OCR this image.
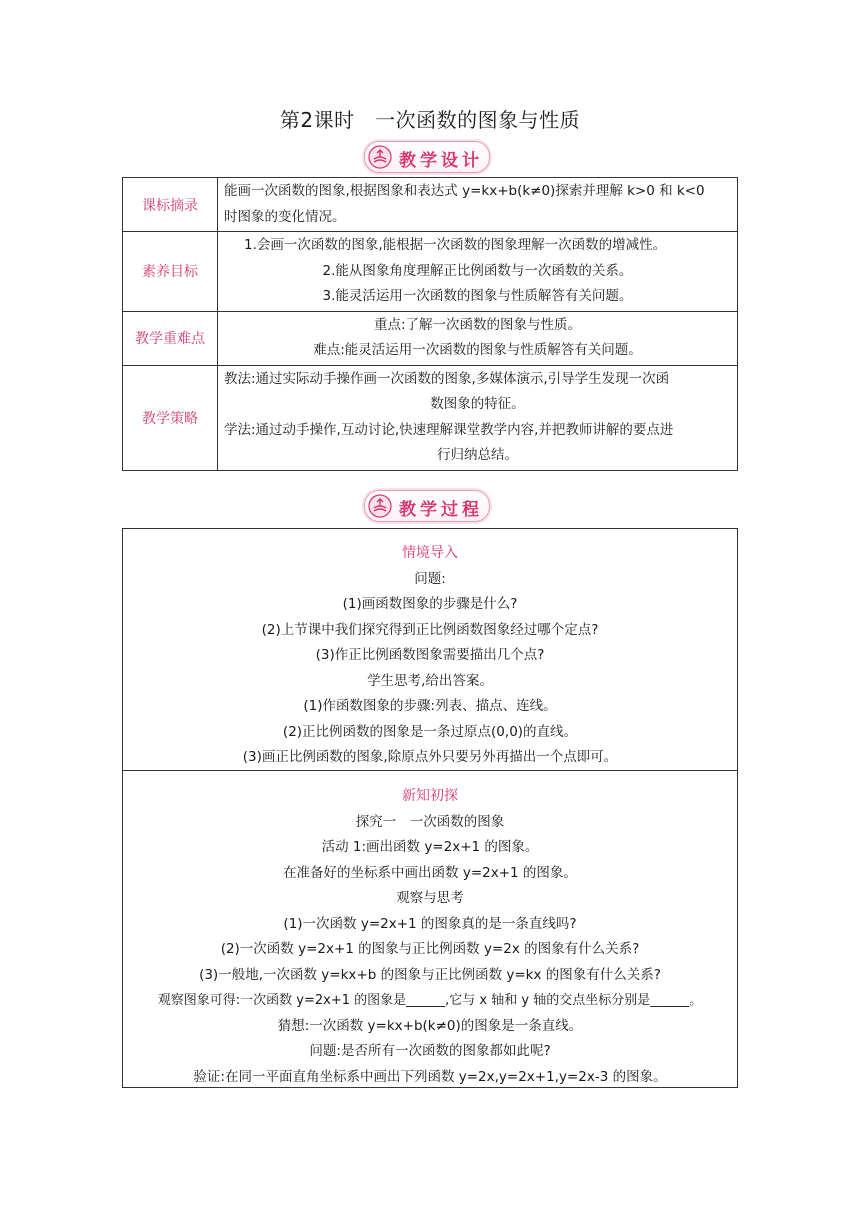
第2课时　一次函数的图象与性质
教学设计
课标摘录	能画一次函数的图象,根据图象和表达式 y=kx+b(k≠0)探索并理解 k>0 和 k<0
时图象的变化情况。

素养目标	1.会画一次函数的图象,能根据一次函数的图象理解一次函数的增减性。
2.能从图象角度理解正比例函数与一次函数的关系。
3.能灵活运用一次函数的图象与性质解答有关问题。

教学重难点	重点:了解一次函数的图象与性质。
难点:能灵活运用一次函数的图象与性质解答有关问题。

教学策略	教法:通过实际动手操作画一次函数的图象,多媒体演示,引导学生发现一次函
数图象的特征。
学法:通过动手操作,互动讨论,快速理解课堂教学内容,并把教师讲解的要点进
行归纳总结。
教学过程
情境导入
问题:
(1)画函数图象的步骤是什么?
(2)上节课中我们探究得到正比例函数图象经过哪个定点?
(3)作正比例函数图象需要描出几个点?
学生思考,给出答案。
(1)作函数图象的步骤:列表、描点、连线。
(2)正比例函数的图象是一条过原点(0,0)的直线。
(3)画正比例函数的图象,除原点外只要另外再描出一个点即可。
新知初探
探究一　一次函数的图象
活动 1:画出函数 y=2x+1 的图象。
在准备好的坐标系中画出函数 y=2x+1 的图象。
观察与思考
(1)一次函数 y=2x+1 的图象真的是一条直线吗?
(2)一次函数 y=2x+1 的图象与正比例函数 y=2x 的图象有什么关系?
(3)一般地,一次函数 y=kx+b 的图象与正比例函数 y=kx 的图象有什么关系?
观察图象可得:一次函数 y=2x+1 的图象是______,它与 x 轴和 y 轴的交点坐标分别是______。
猜想:一次函数 y=kx+b(k≠0)的图象是一条直线。
问题:是否所有一次函数的图象都如此呢?
验证:在同一平面直角坐标系中画出下列函数 y=2x,y=2x+1,y=2x-3 的图象。
